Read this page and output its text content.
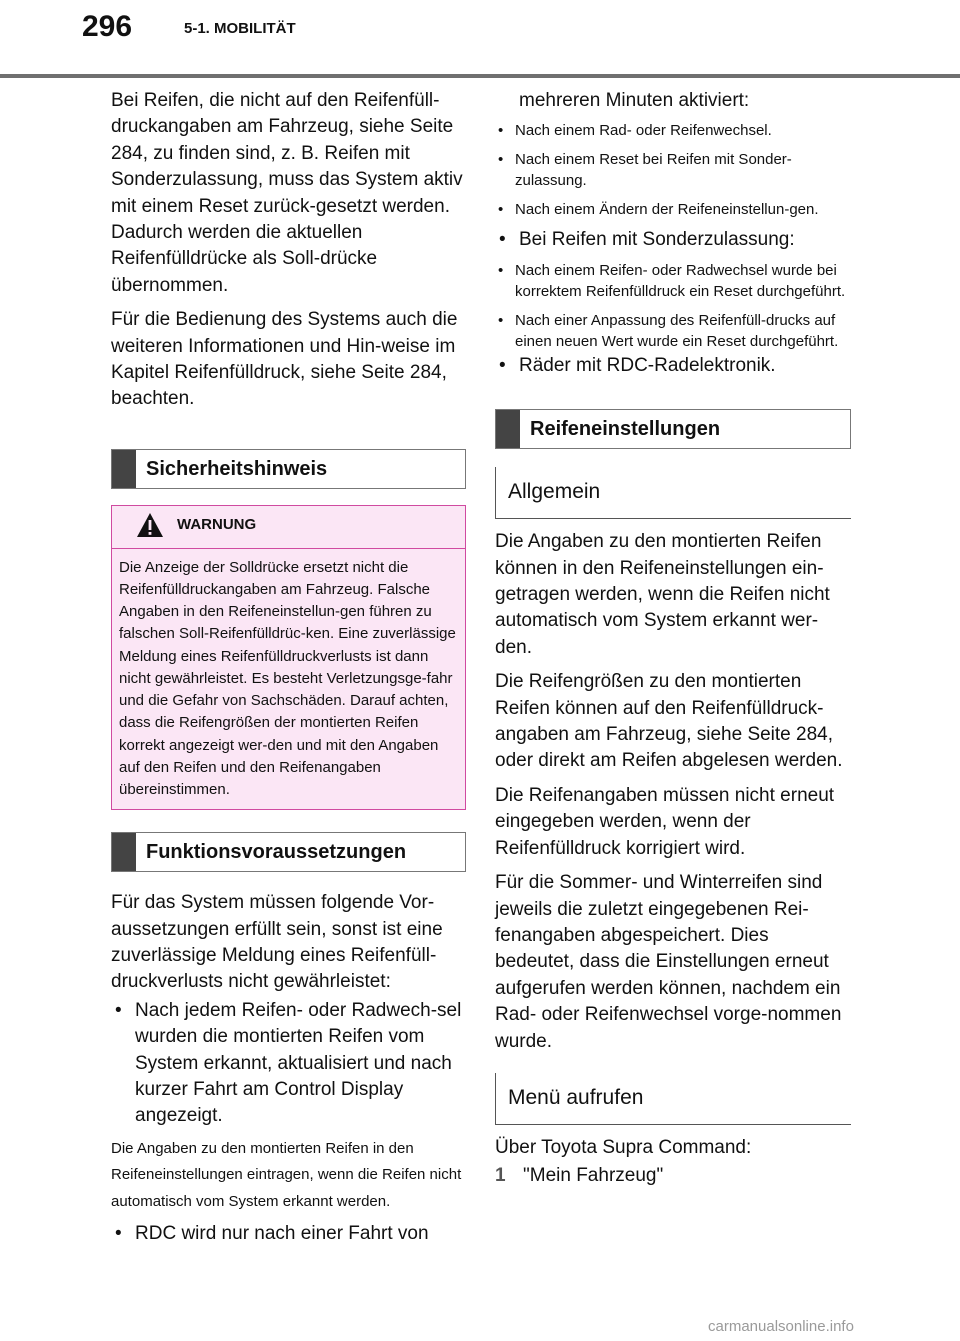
296	5-1. MOBILITÄT

Bei Reifen, die nicht auf den Reifenfüll-druckangaben am Fahrzeug, siehe Seite 284, zu finden sind, z. B. Reifen mit Sonderzulassung, muss das System aktiv mit einem Reset zurück-gesetzt werden. Dadurch werden die aktuellen Reifenfülldrücke als Soll-drücke übernommen.

Für die Bedienung des Systems auch die weiteren Informationen und Hin-weise im Kapitel Reifenfülldruck, siehe Seite 284, beachten.

Sicherheitshinweis
WARNUNG
Die Anzeige der Solldrücke ersetzt nicht die Reifenfülldruckangaben am Fahrzeug. Falsche Angaben in den Reifeneinstellun-gen führen zu falschen Soll-Reifenfülldrüc-ken. Eine zuverlässige Meldung eines Reifenfülldruckverlusts ist dann nicht gewährleistet. Es besteht Verletzungsge-fahr und die Gefahr von Sachschäden. Darauf achten, dass die Reifengrößen der montierten Reifen korrekt angezeigt wer-den und mit den Angaben auf den Reifen und den Reifenangaben übereinstimmen.
Funktionsvoraussetzungen

Für das System müssen folgende Vor-aussetzungen erfüllt sein, sonst ist eine zuverlässige Meldung eines Reifenfüll-druckverlusts nicht gewährleistet:

• Nach jedem Reifen- oder Radwech-sel wurden die montierten Reifen vom System erkannt, aktualisiert und nach kurzer Fahrt am Control Display angezeigt.

Die Angaben zu den montierten Reifen in den Reifeneinstellungen eintragen, wenn die Reifen nicht automatisch vom System erkannt werden.

• RDC wird nur nach einer Fahrt von

mehreren Minuten aktiviert:

• Nach einem Rad- oder Reifenwechsel.
• Nach einem Reset bei Reifen mit Sonder-zulassung.
• Nach einem Ändern der Reifeneinstellun-gen.
• Bei Reifen mit Sonderzulassung:
• Nach einem Reifen- oder Radwechsel wurde bei korrektem Reifenfülldruck ein Reset durchgeführt.
• Nach einer Anpassung des Reifenfüll-drucks auf einen neuen Wert wurde ein Reset durchgeführt.
• Räder mit RDC-Radelektronik.
Reifeneinstellungen
Allgemein

Die Angaben zu den montierten Reifen können in den Reifeneinstellungen ein-getragen werden, wenn die Reifen nicht automatisch vom System erkannt wer-den.

Die Reifengrößen zu den montierten Reifen können auf den Reifenfülldruck-angaben am Fahrzeug, siehe Seite 284, oder direkt am Reifen abgelesen werden.

Die Reifenangaben müssen nicht erneut eingegeben werden, wenn der Reifenfülldruck korrigiert wird.

Für die Sommer- und Winterreifen sind jeweils die zuletzt eingegebenen Rei-fenangaben abgespeichert. Dies bedeutet, dass die Einstellungen erneut aufgerufen werden können, nachdem ein Rad- oder Reifenwechsel vorge-nommen wurde.

Menü aufrufen

Über Toyota Supra Command:

1 "Mein Fahrzeug"
carmanualsonline.info
